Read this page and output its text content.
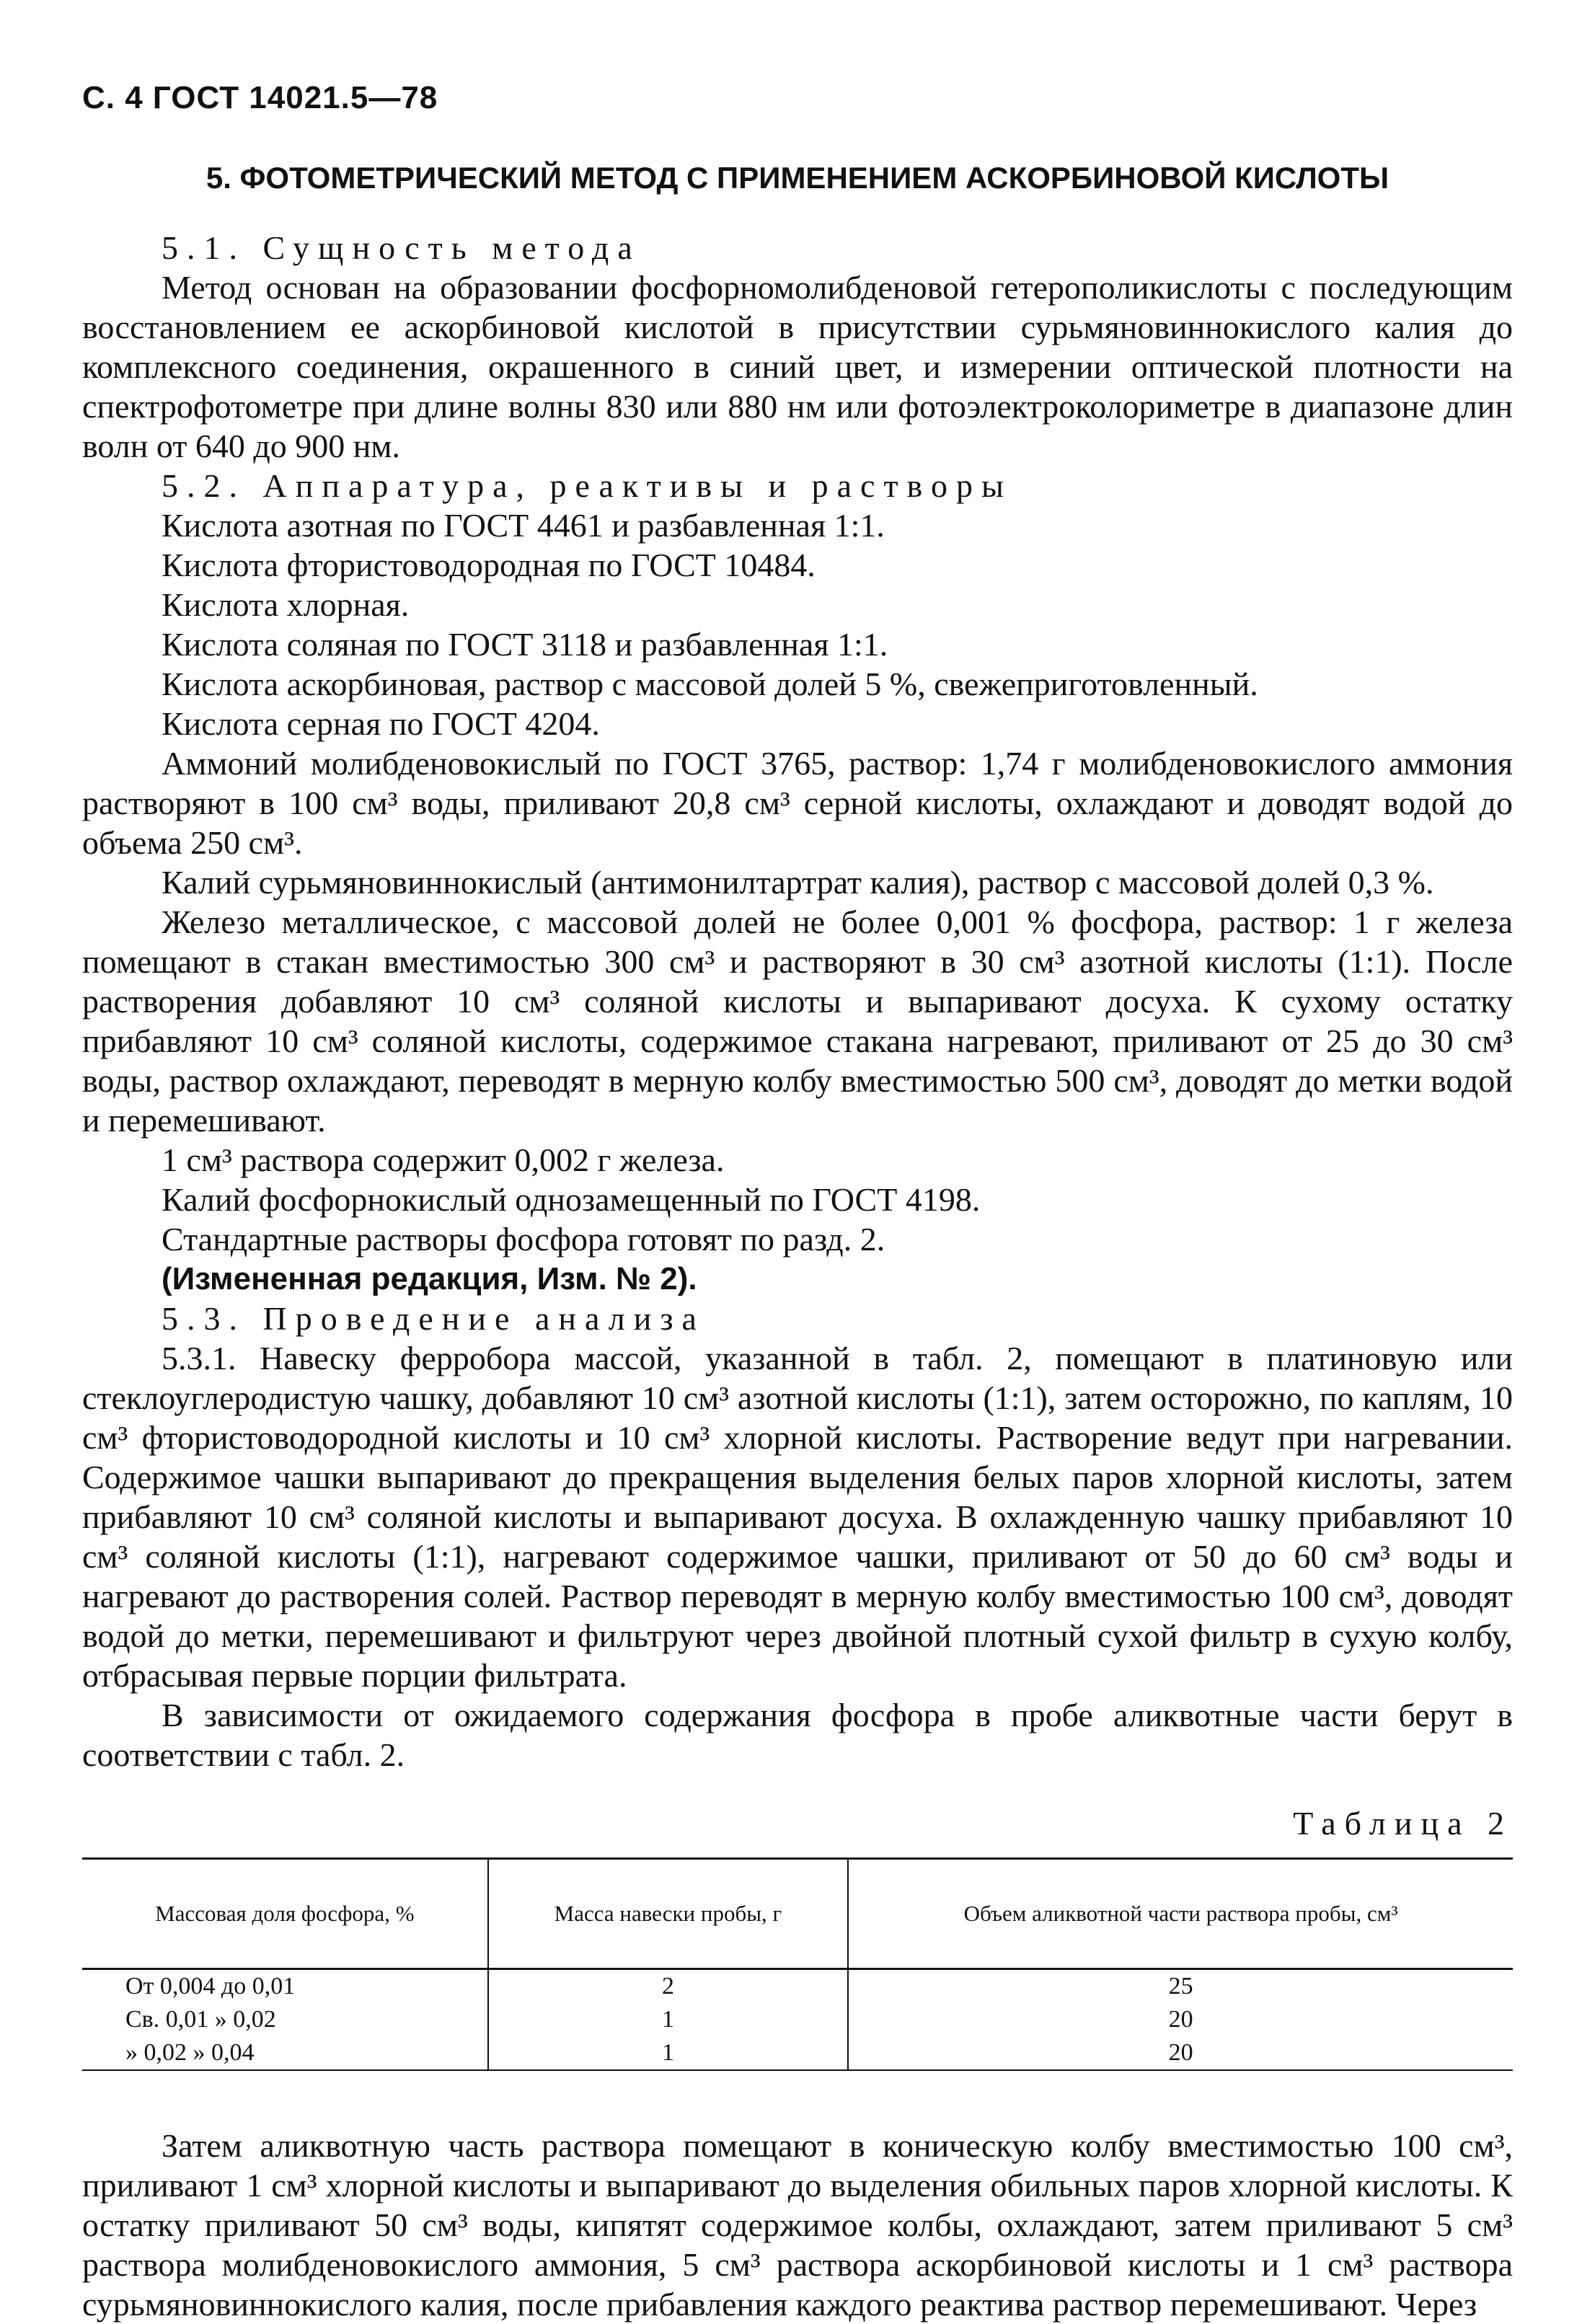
С. 4 ГОСТ 14021.5—78
5. ФОТОМЕТРИЧЕСКИЙ МЕТОД С ПРИМЕНЕНИЕМ АСКОРБИНОВОЙ КИСЛОТЫ

5.1. Сущность метода

Метод основан на образовании фосфорномолибденовой гетерополикислоты с последующим восстановлением ее аскорбиновой кислотой в присутствии сурьмяновиннокислого калия до комплексного соединения, окрашенного в синий цвет, и измерении оптической плотности на спектрофотометре при длине волны 830 или 880 нм или фотоэлектроколориметре в диапазоне длин волн от 640 до 900 нм.

5.2. Аппаратура, реактивы и растворы

Кислота азотная по ГОСТ 4461 и разбавленная 1:1.

Кислота фтористоводородная по ГОСТ 10484.

Кислота хлорная.

Кислота соляная по ГОСТ 3118 и разбавленная 1:1.

Кислота аскорбиновая, раствор с массовой долей 5 %, свежеприготовленный.

Кислота серная по ГОСТ 4204.

Аммоний молибденовокислый по ГОСТ 3765, раствор: 1,74 г молибденовокислого аммония растворяют в 100 см³ воды, приливают 20,8 см³ серной кислоты, охлаждают и доводят водой до объема 250 см³.

Калий сурьмяновиннокислый (антимонилтартрат калия), раствор с массовой долей 0,3 %.

Железо металлическое, с массовой долей не более 0,001 % фосфора, раствор: 1 г железа помещают в стакан вместимостью 300 см³ и растворяют в 30 см³ азотной кислоты (1:1). После растворения добавляют 10 см³ соляной кислоты и выпаривают досуха. К сухому остатку прибавляют 10 см³ соляной кислоты, содержимое стакана нагревают, приливают от 25 до 30 см³ воды, раствор охлаждают, переводят в мерную колбу вместимостью 500 см³, доводят до метки водой и перемешивают.

1 см³ раствора содержит 0,002 г железа.

Калий фосфорнокислый однозамещенный по ГОСТ 4198.

Стандартные растворы фосфора готовят по разд. 2.

(Измененная редакция, Изм. № 2).

5.3. Проведение анализа

5.3.1. Навеску ферробора массой, указанной в табл. 2, помещают в платиновую или стеклоуглеродистую чашку, добавляют 10 см³ азотной кислоты (1:1), затем осторожно, по каплям, 10 см³ фтористоводородной кислоты и 10 см³ хлорной кислоты. Растворение ведут при нагревании. Содержимое чашки выпаривают до прекращения выделения белых паров хлорной кислоты, затем прибавляют 10 см³ соляной кислоты и выпаривают досуха. В охлажденную чашку прибавляют 10 см³ соляной кислоты (1:1), нагревают содержимое чашки, приливают от 50 до 60 см³ воды и нагревают до растворения солей. Раствор переводят в мерную колбу вместимостью 100 см³, доводят водой до метки, перемешивают и фильтруют через двойной плотный сухой фильтр в сухую колбу, отбрасывая первые порции фильтрата.

В зависимости от ожидаемого содержания фосфора в пробе аликвотные части берут в соответствии с табл. 2.

Таблица 2
Массовая доля фосфора, %	Масса навески пробы, г	Объем аликвотной части раствора пробы, см³
От 0,004 до 0,01	2	25
Св. 0,01 » 0,02	1	20
» 0,02 » 0,04	1	20

Затем аликвотную часть раствора помещают в коническую колбу вместимостью 100 см³, приливают 1 см³ хлорной кислоты и выпаривают до выделения обильных паров хлорной кислоты. К остатку приливают 50 см³ воды, кипятят содержимое колбы, охлаждают, затем приливают 5 см³ раствора молибденовокислого аммония, 5 см³ раствора аскорбиновой кислоты и 1 см³ раствора сурьмяновиннокислого калия, после прибавления каждого реактива раствор перемешивают. Через
